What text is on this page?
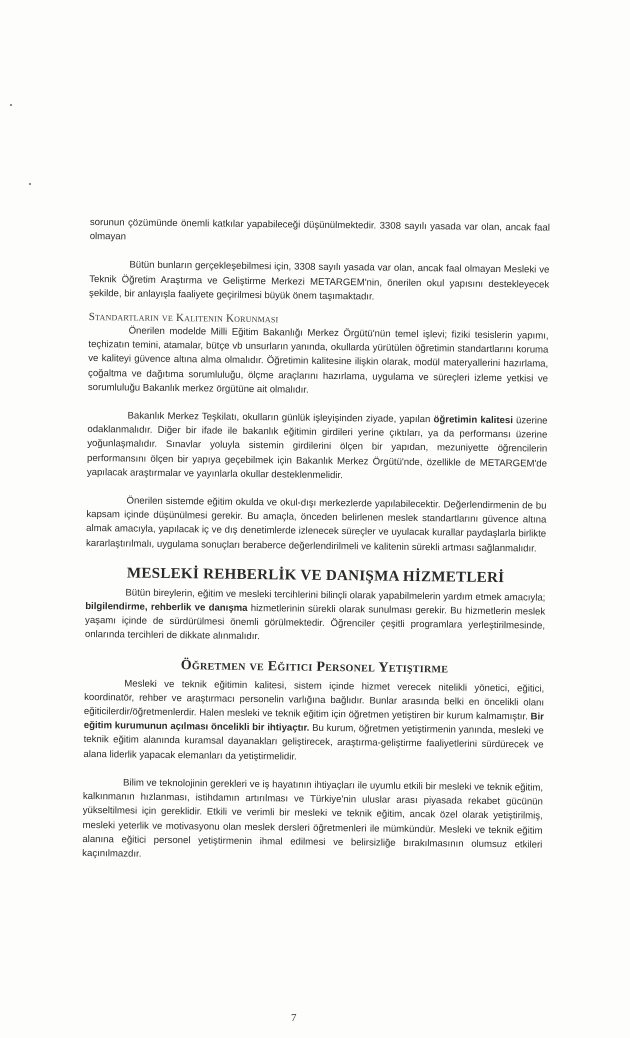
sorunun çözümünde önemli katkılar yapabileceği düşünülmektedir. 3308 sayılı yasada var olan, ancak faal olmayan

Bütün bunların gerçekleşebilmesi için, 3308 sayılı yasada var olan, ancak faal olmayan Mesleki ve Teknik Öğretim Araştırma ve Geliştirme Merkezi METARGEM'nin, önerilen okul yapısını destekleyecek şekilde, bir anlayışla faaliyete geçirilmesi büyük önem taşımaktadır.

Standartların ve Kalitenin Korunması

Önerilen modelde Milli Eğitim Bakanlığı Merkez Örgütü'nün temel işlevi; fiziki tesislerin yapımı, teçhizatın temini, atamalar, bütçe vb unsurların yanında, okullarda yürütülen öğretimin standartlarını koruma ve kaliteyi güvence altına alma olmalıdır. Öğretimin kalitesine ilişkin olarak, modül materyallerini hazırlama, çoğaltma ve dağıtıma sorumluluğu, ölçme araçlarını hazırlama, uygulama ve süreçleri izleme yetkisi ve sorumluluğu Bakanlık merkez örgütüne ait olmalıdır.

Bakanlık Merkez Teşkilatı, okulların günlük işleyişinden ziyade, yapılan öğretimin kalitesi üzerine odaklanmalıdır. Diğer bir ifade ile bakanlık eğitimin girdileri yerine çıktıları, ya da performansı üzerine yoğunlaşmalıdır. Sınavlar yoluyla sistemin girdilerini ölçen bir yapıdan, mezuniyette öğrencilerin performansını ölçen bir yapıya geçebilmek için Bakanlık Merkez Örgütü'nde, özellikle de METARGEM'de yapılacak araştırmalar ve yayınlarla okullar desteklenmelidir.

Önerilen sistemde eğitim okulda ve okul-dışı merkezlerde yapılabilecektir. Değerlendirmenin de bu kapsam içinde düşünülmesi gerekir. Bu amaçla, önceden belirlenen meslek standartlarını güvence altına almak amacıyla, yapılacak iç ve dış denetimlerde izlenecek süreçler ve uyulacak kurallar paydaşlarla birlikte kararlaştırılmalı, uygulama sonuçları beraberce değerlendirilmeli ve kalitenin sürekli artması sağlanmalıdır.

MESLEKİ REHBERLİK VE DANIŞMA HİZMETLERİ

Bütün bireylerin, eğitim ve mesleki tercihlerini bilinçli olarak yapabilmelerin yardım etmek amacıyla; bilgilendirme, rehberlik ve danışma hizmetlerinin sürekli olarak sunulması gerekir. Bu hizmetlerin meslek yaşamı içinde de sürdürülmesi önemli görülmektedir. Öğrenciler çeşitli programlara yerleştirilmesinde, onlarında tercihleri de dikkate alınmalıdır.

Öğretmen ve Eğitici Personel Yetiştirme

Mesleki ve teknik eğitimin kalitesi, sistem içinde hizmet verecek nitelikli yönetici, eğitici, koordinatör, rehber ve araştırmacı personelin varlığına bağlıdır. Bunlar arasında belki en öncelikli olanı eğiticilerdir/öğretmenlerdir. Halen mesleki ve teknik eğitim için öğretmen yetiştiren bir kurum kalmamıştır. Bir eğitim kurumunun açılması öncelikli bir ihtiyaçtır. Bu kurum, öğretmen yetiştirmenin yanında, mesleki ve teknik eğitim alanında kuramsal dayanakları geliştirecek, araştırma-geliştirme faaliyetlerini sürdürecek ve alana liderlik yapacak elemanları da yetiştirmelidir.

Bilim ve teknolojinin gerekleri ve iş hayatının ihtiyaçları ile uyumlu etkili bir mesleki ve teknik eğitim, kalkınmanın hızlanması, istihdamın artırılması ve Türkiye'nin uluslar arası piyasada rekabet gücünün yükseltilmesi için gereklidir. Etkili ve verimli bir mesleki ve teknik eğitim, ancak özel olarak yetiştirilmiş, mesleki yeterlik ve motivasyonu olan meslek dersleri öğretmenleri ile mümkündür. Mesleki ve teknik eğitim alanına eğitici personel yetiştirmenin ihmal edilmesi ve belirsizliğe bırakılmasının olumsuz etkileri kaçınılmazdır.

7
